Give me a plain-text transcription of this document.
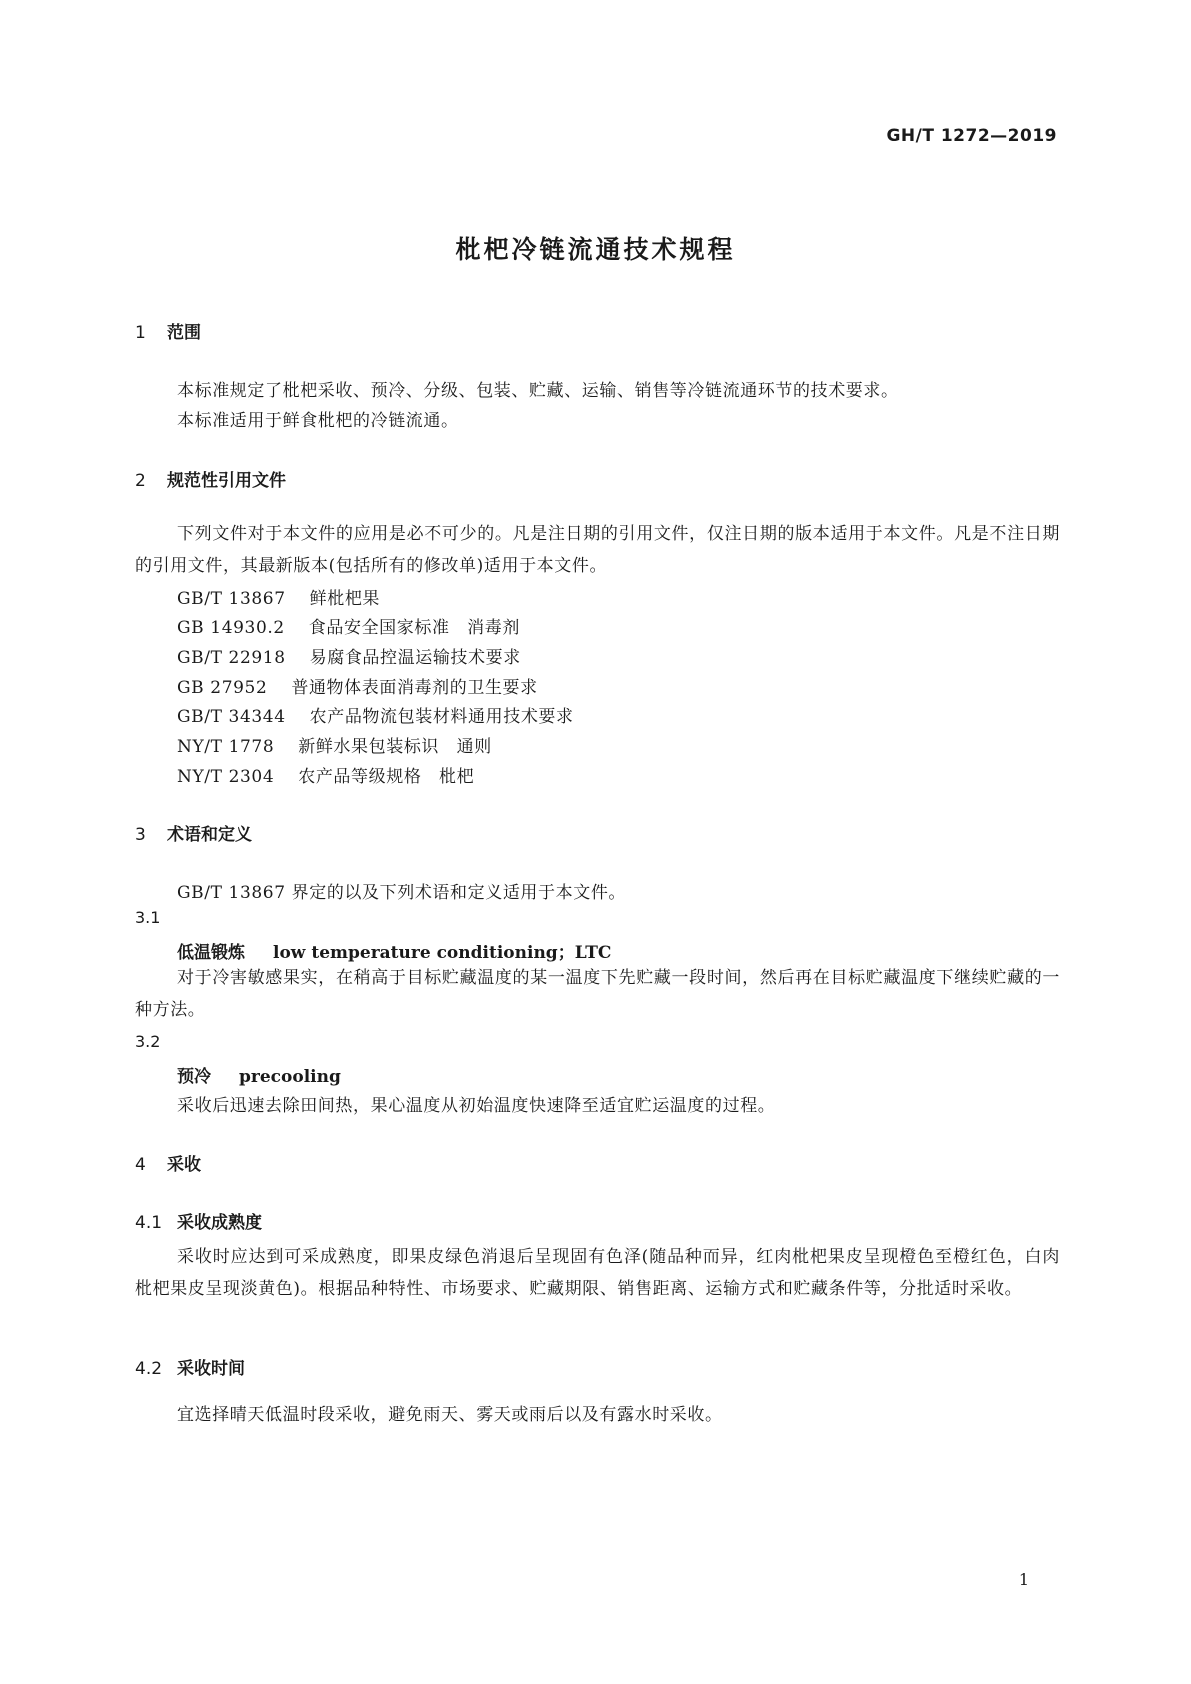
GH/T 1272—2019
枇杷冷链流通技术规程
1 范围
本标准规定了枇杷采收、预冷、分级、包装、贮藏、运输、销售等冷链流通环节的技术要求。
本标准适用于鲜食枇杷的冷链流通。
2 规范性引用文件
下列文件对于本文件的应用是必不可少的。凡是注日期的引用文件，仅注日期的版本适用于本文件。凡是不注日期的引用文件，其最新版本(包括所有的修改单)适用于本文件。
GB/T 13867 鲜枇杷果
GB 14930.2 食品安全国家标准　消毒剂
GB/T 22918 易腐食品控温运输技术要求
GB 27952 普通物体表面消毒剂的卫生要求
GB/T 34344 农产品物流包装材料通用技术要求
NY/T 1778 新鲜水果包装标识　通则
NY/T 2304 农产品等级规格　枇杷
3 术语和定义
GB/T 13867 界定的以及下列术语和定义适用于本文件。
3.1
低温锻炼 low temperature conditioning；LTC
对于冷害敏感果实，在稍高于目标贮藏温度的某一温度下先贮藏一段时间，然后再在目标贮藏温度下继续贮藏的一种方法。
3.2
预冷 precooling
采收后迅速去除田间热，果心温度从初始温度快速降至适宜贮运温度的过程。
4 采收
4.1 采收成熟度
采收时应达到可采成熟度，即果皮绿色消退后呈现固有色泽(随品种而异，红肉枇杷果皮呈现橙色至橙红色，白肉枇杷果皮呈现淡黄色)。根据品种特性、市场要求、贮藏期限、销售距离、运输方式和贮藏条件等，分批适时采收。
4.2 采收时间
宜选择晴天低温时段采收，避免雨天、雾天或雨后以及有露水时采收。
1
